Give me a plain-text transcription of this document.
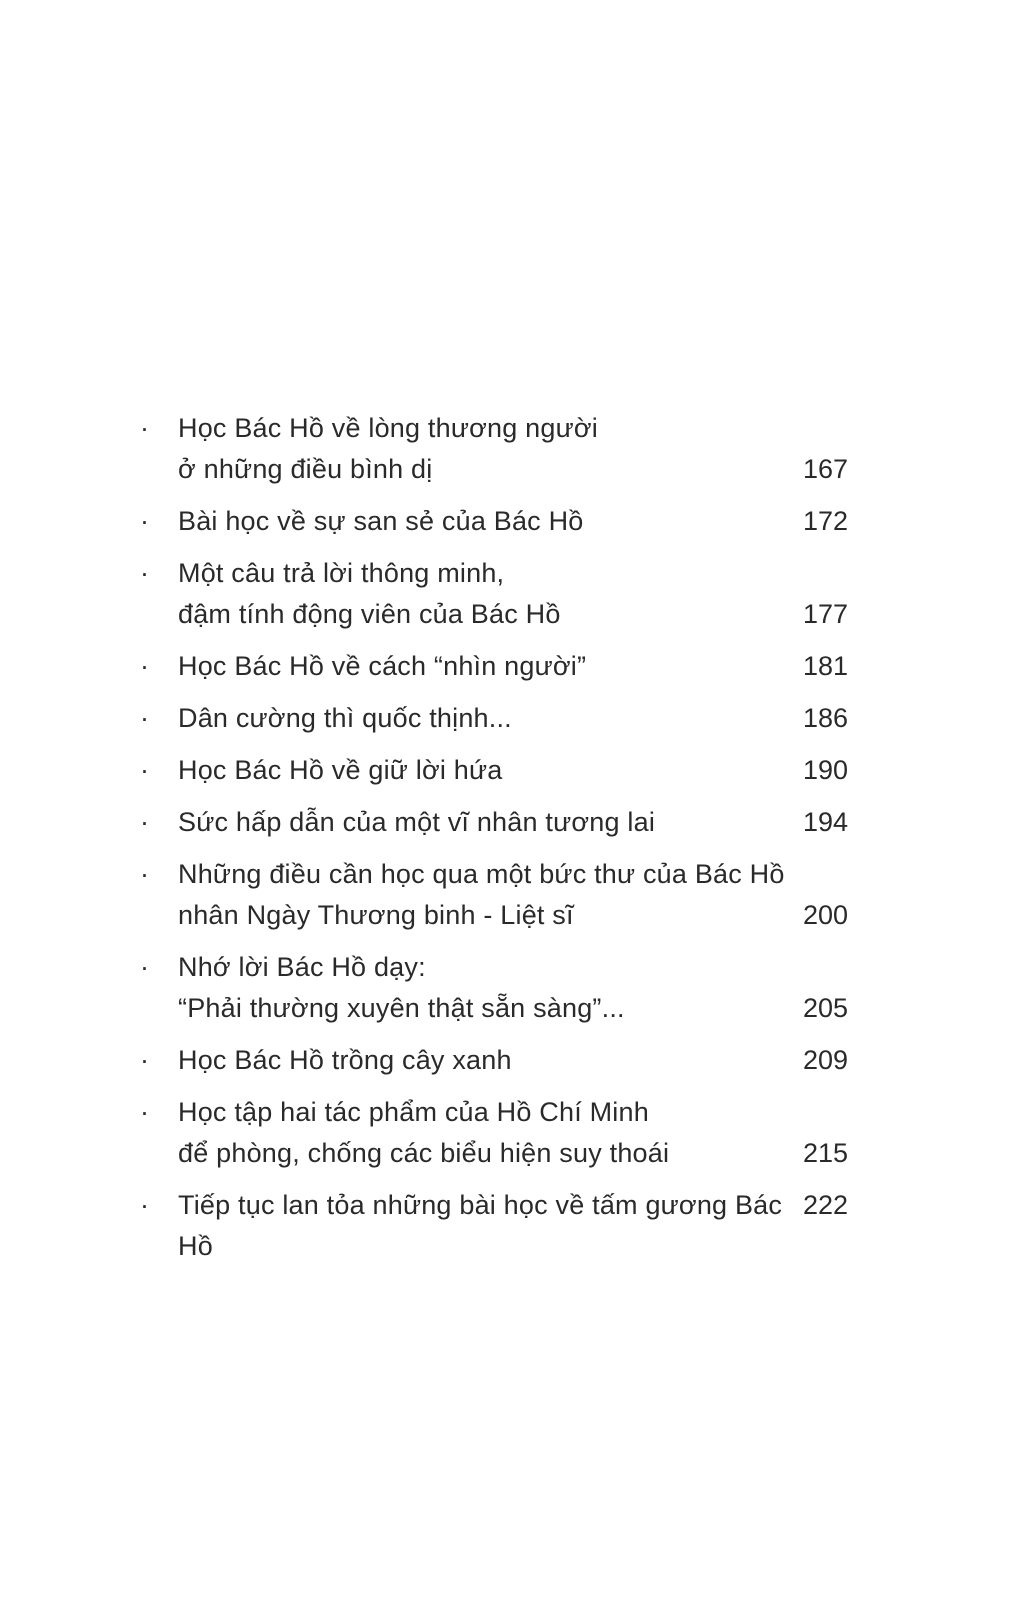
·	Học Bác Hồ về lòng thương người
ở những điều bình dị	167
·	Bài học về sự san sẻ của Bác Hồ	172
·	Một câu trả lời thông minh,
đậm tính động viên của Bác Hồ	177
·	Học Bác Hồ về cách “nhìn người”	181
·	Dân cường thì quốc thịnh...	186
·	Học Bác Hồ về giữ lời hứa	190
·	Sức hấp dẫn của một vĩ nhân tương lai	194
·	Những điều cần học qua một bức thư của Bác Hồ
nhân Ngày Thương binh - Liệt sĩ	200
·	Nhớ lời Bác Hồ dạy:
“Phải thường xuyên thật sẵn sàng”...	205
·	Học Bác Hồ trồng cây xanh	209
·	Học tập hai tác phẩm của Hồ Chí Minh
để phòng, chống các biểu hiện suy thoái	215
·	Tiếp tục lan tỏa những bài học về tấm gương Bác Hồ
222
